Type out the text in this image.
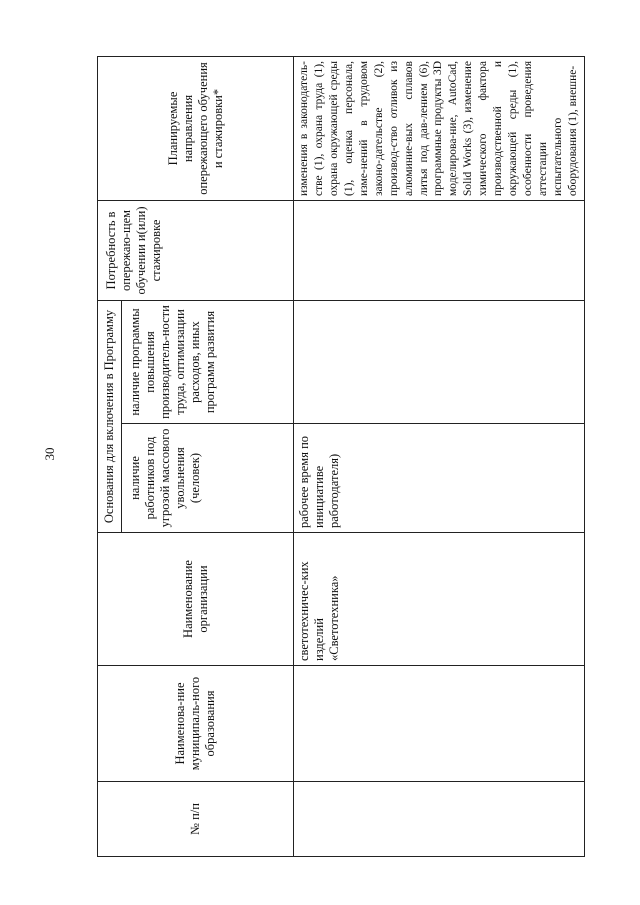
30
№ п/п	Наименова-ние муниципаль-ного образования	Наименование организации	Основания для включения в Программу		Потребность в опережаю-щем обучении и(или) стажировке	Планируемые направления опережающего обучения и стажировки*
			наличие работников под угрозой массового увольнения (человек)	наличие программы повышения производитель-ности труда, оптимизации расходов, иных программ развития		
		светотехничес-ких изделий «Светотехника»	рабочее время по инициативе работодателя)			изменения в законодатель-стве (1), охрана труда (1), охрана окружающей среды (1), оценка персонала, изме-нений в трудовом законо-дательстве (2), производ-ство отливок из алюминие-вых сплавов литья под дав-лением (6), программные продукты 3D моделирова-ние, AutoCad, Solid Works (3), изменение химического фактора производственной и окружающей среды (1), особенности проведения аттестации испытательного оборудования (1), внешне-
